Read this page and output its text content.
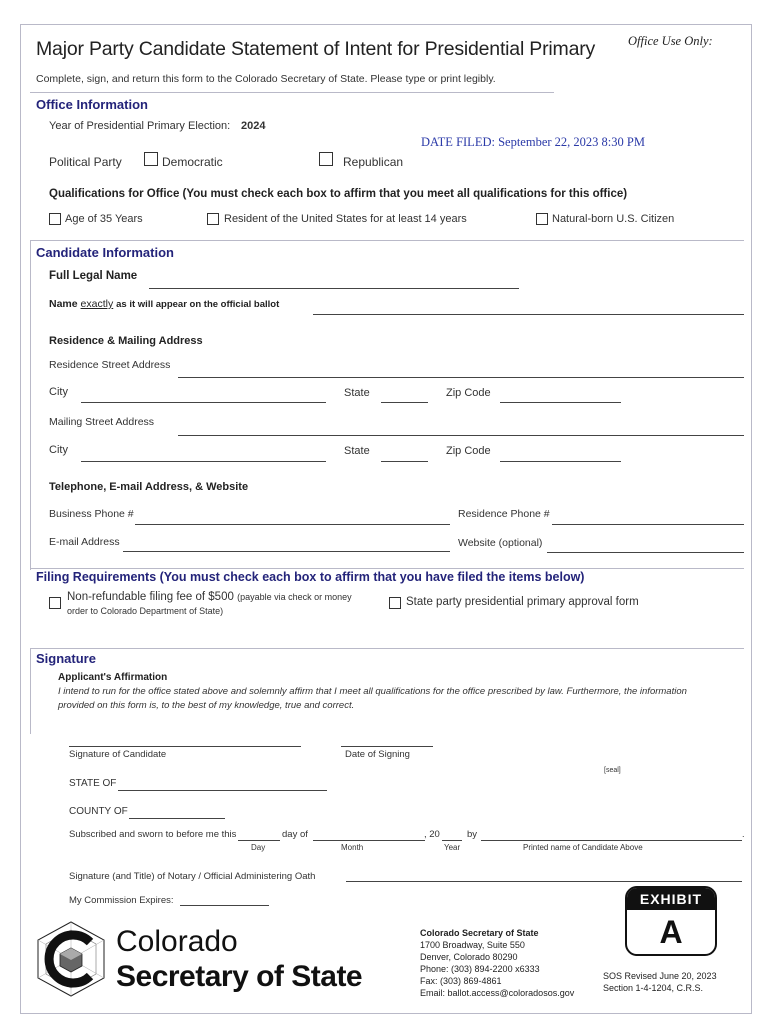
Major Party Candidate Statement of Intent for Presidential Primary	Office Use Only:
Complete, sign, and return this form to the Colorado Secretary of State. Please type or print legibly.
Office Information
Year of Presidential Primary Election: 2024
DATE FILED: September 22, 2023 8:30 PM
Political Party	Democratic	Republican
Qualifications for Office (You must check each box to affirm that you meet all qualifications for this office)
Age of 35 Years	Resident of the United States for at least 14 years	Natural-born U.S. Citizen
Candidate Information
Full Legal Name
Name exactly as it will appear on the official ballot
Residence & Mailing Address
Residence Street Address
City	State	Zip Code
Mailing Street Address
City	State	Zip Code
Telephone, E-mail Address, & Website
Business Phone #	Residence Phone #
E-mail Address	Website (optional)
Filing Requirements (You must check each box to affirm that you have filed the items below)
Non-refundable filing fee of $500 (payable via check or money
order to Colorado Department of State)
State party presidential primary approval form
Signature
Applicant's Affirmation
I intend to run for the office stated above and solemnly affirm that I meet all qualifications for the office prescribed by law. Furthermore, the information
provided on this form is, to the best of my knowledge, true and correct.
Signature of Candidate	Date of Signing
[seal]
STATE OF
COUNTY OF
Subscribed and sworn to before me this	day of	, 20	by	.
Day	Month	Year	Printed name of Candidate Above
Signature (and Title) of Notary / Official Administering Oath
My Commission Expires:
Colorado
Secretary of State
Colorado Secretary of State
1700 Broadway, Suite 550
Denver, Colorado 80290
Phone: (303) 894-2200 x6333
Fax: (303) 869-4861
Email: ballot.access@coloradosos.gov
EXHIBIT
A
SOS Revised June 20, 2023
Section 1-4-1204, C.R.S.
